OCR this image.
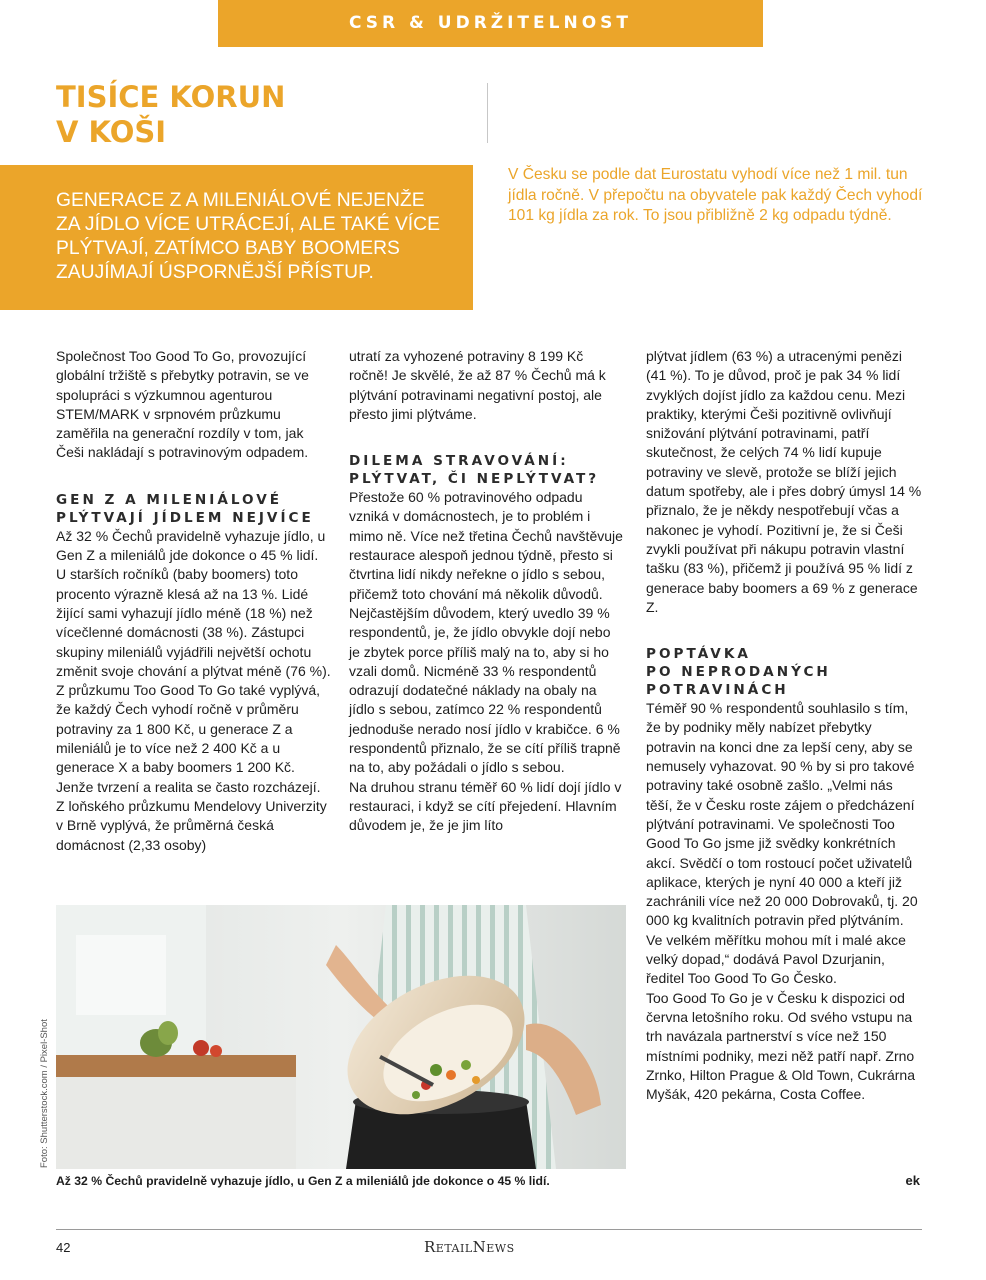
CSR & UDRŽITELNOST
TISÍCE KORUN
V KOŠI

GENERACE Z A MILENIÁLOVÉ NEJENŽE ZA JÍDLO VÍCE UTRÁCEJÍ, ALE TAKÉ VÍCE PLÝTVAJÍ, ZATÍMCO BABY BOOMERS ZAUJÍMAJÍ ÚSPORNĚJŠÍ PŘÍSTUP.

V Česku se podle dat Eurostatu vyhodí více než 1 mil. tun jídla ročně. V přepočtu na obyvatele pak každý Čech vyhodí 101 kg jídla za rok. To jsou přibližně 2 kg odpadu týdně.

Společnost Too Good To Go, provozující globální tržiště s přebytky potravin, se ve spolupráci s výzkumnou agenturou STEM/MARK v srpnovém průzkumu zaměřila na generační rozdíly v tom, jak Češi nakládají s potravinovým odpadem.

GEN Z A MILENIÁLOVÉ
PLÝTVAJÍ JÍDLEM NEJVÍCE

Až 32 % Čechů pravidelně vyhazuje jídlo, u Gen Z a mileniálů jde dokonce o 45 % lidí. U starších ročníků (baby boomers) toto procento výrazně klesá až na 13 %. Lidé žijící sami vyhazují jídlo méně (18 %) než vícečlenné domácnosti (38 %). Zástupci skupiny mileniálů vyjádřili největší ochotu změnit svoje chování a plýtvat méně (76 %).

Z průzkumu Too Good To Go také vyplývá, že každý Čech vyhodí ročně v průměru potraviny za 1 800 Kč, u generace Z a mileniálů je to více než 2 400 Kč a u generace X a baby boomers 1 200 Kč. Jenže tvrzení a realita se často rozcházejí. Z loňského průzkumu Mendelovy Univerzity v Brně vyplývá, že průměrná česká domácnost (2,33 osoby)

utratí za vyhozené potraviny 8 199 Kč ročně! Je skvělé, že až 87 % Čechů má k plýtvání potravinami negativní postoj, ale přesto jimi plýtváme.

DILEMA STRAVOVÁNÍ:
PLÝTVAT, ČI NEPLÝTVAT?

Přestože 60 % potravinového odpadu vzniká v domácnostech, je to problém i mimo ně. Více než třetina Čechů navštěvuje restaurace alespoň jednou týdně, přesto si čtvrtina lidí nikdy neřekne o jídlo s sebou, přičemž toto chování má několik důvodů. Nejčastějším důvodem, který uvedlo 39 % respondentů, je, že jídlo obvykle dojí nebo je zbytek porce příliš malý na to, aby si ho vzali domů. Nicméně 33 % respondentů odrazují dodatečné náklady na obaly na jídlo s sebou, zatímco 22 % respondentů jednoduše nerado nosí jídlo v krabičce. 6 % respondentů přiznalo, že se cítí příliš trapně na to, aby požádali o jídlo s sebou.

Na druhou stranu téměř 60 % lidí dojí jídlo v restauraci, i když se cítí přejedení. Hlavním důvodem je, že je jim líto

plýtvat jídlem (63 %) a utracenými penězi (41 %). To je důvod, proč je pak 34 % lidí zvyklých dojíst jídlo za každou cenu. Mezi praktiky, kterými Češi pozitivně ovlivňují snižování plýtvání potravinami, patří skutečnost, že celých 74 % lidí kupuje potraviny ve slevě, protože se blíží jejich datum spotřeby, ale i přes dobrý úmysl 14 % přiznalo, že je někdy nespotřebují včas a nakonec je vyhodí. Pozitivní je, že si Češi zvykli používat při nákupu potravin vlastní tašku (83 %), přičemž ji používá 95 % lidí z generace baby boomers a 69 % z generace Z.

POPTÁVKA
PO NEPRODANÝCH
POTRAVINÁCH

Téměř 90 % respondentů souhlasilo s tím, že by podniky měly nabízet přebytky potravin na konci dne za lepší ceny, aby se nemusely vyhazovat. 90 % by si pro takové potraviny také osobně zašlo. „Velmi nás těší, že v Česku roste zájem o předcházení plýtvání potravinami. Ve společnosti Too Good To Go jsme již svědky konkrétních akcí. Svědčí o tom rostoucí počet uživatelů aplikace, kterých je nyní 40 000 a kteří již zachránili více než 20 000 Dobrovaků, tj. 20 000 kg kvalitních potravin před plýtváním. Ve velkém měřítku mohou mít i malé akce velký dopad,“ dodává Pavol Dzurjanin, ředitel Too Good To Go Česko.

Too Good To Go je v Česku k dispozici od června letošního roku. Od svého vstupu na trh navázala partnerství s více než 150 místními podniky, mezi něž patří např. Zrno Zrnko, Hilton Prague & Old Town, Cukrárna Myšák, 420 pekárna, Costa Coffee.

Foto: Shutterstock.com / Pixel-Shot

Až 32 % Čechů pravidelně vyhazuje jídlo, u Gen Z a mileniálů jde dokonce o 45 % lidí.	ek
42	RetailNews
